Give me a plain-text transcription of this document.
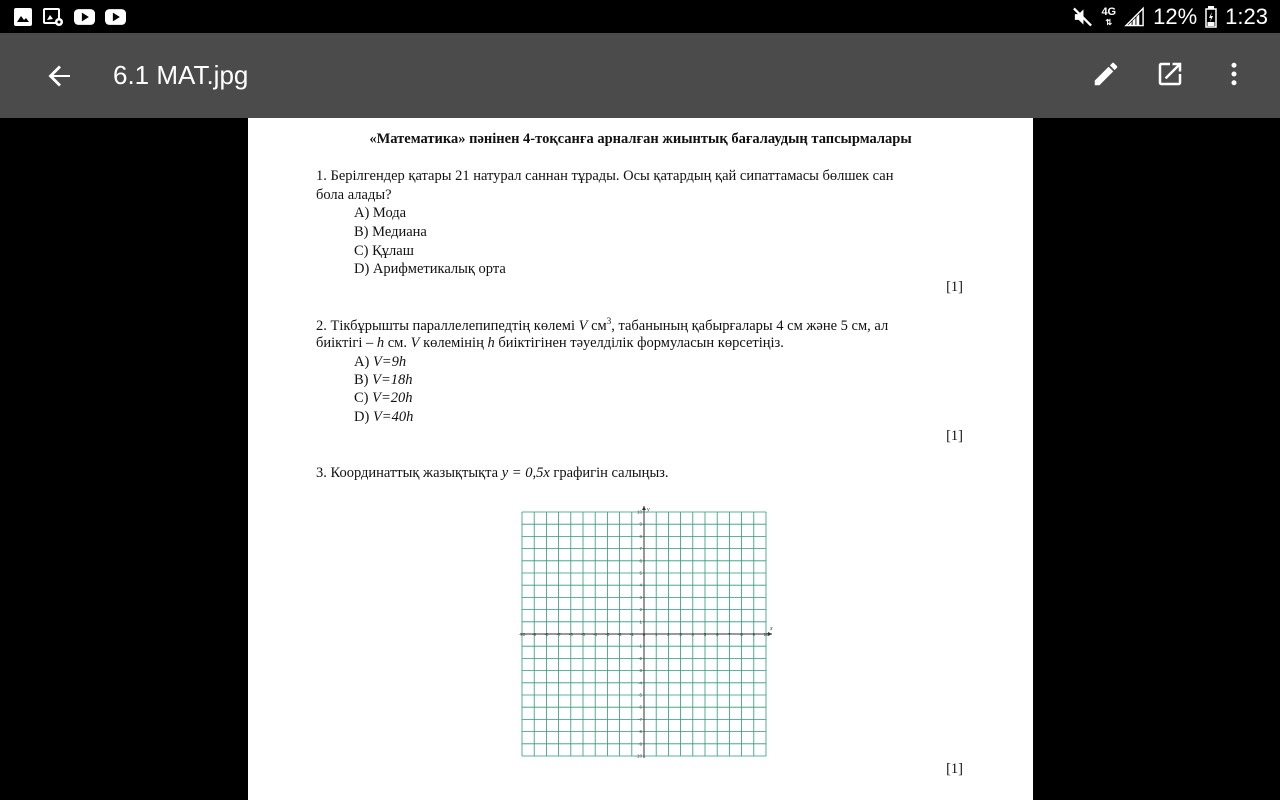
4G
⇅ 12% 1:23
6.1 MAT.jpg
«Математика» пәнінен 4-тоқсанға арналған жиынтық бағалаудың тапсырмалары
1. Берілгендер қатары 21 натурал саннан тұрады. Осы қатардың қай сипаттамасы бөлшек сан
бола алады?
A) Мода
B) Медиана
C) Құлаш
D) Арифметикалық орта
[1]
2. Тікбұрышты параллелепипедтің көлемі V $см^3$, табанының қабырғалары 4 см және 5 см, ал
биіктігі – h см. V көлемінің h биіктігінен тәуелділік формуласын көрсетіңіз.
A) V=9h
B) V=18h
C) V=20h
D) V=40h
[1]
3. Координаттық жазықтықта y = 0,5x графигін салыңыз.
x
y
-10 -9 -8 -7 -6 -5 -4 -3 -2 -1 0 1 2 3 4 5 6 7 8 9 10
-10
-9
-8
-7
-6
-5
-4
-3
-2
-1
1
2
3
4
5
6
7
8
9
10
[1]
